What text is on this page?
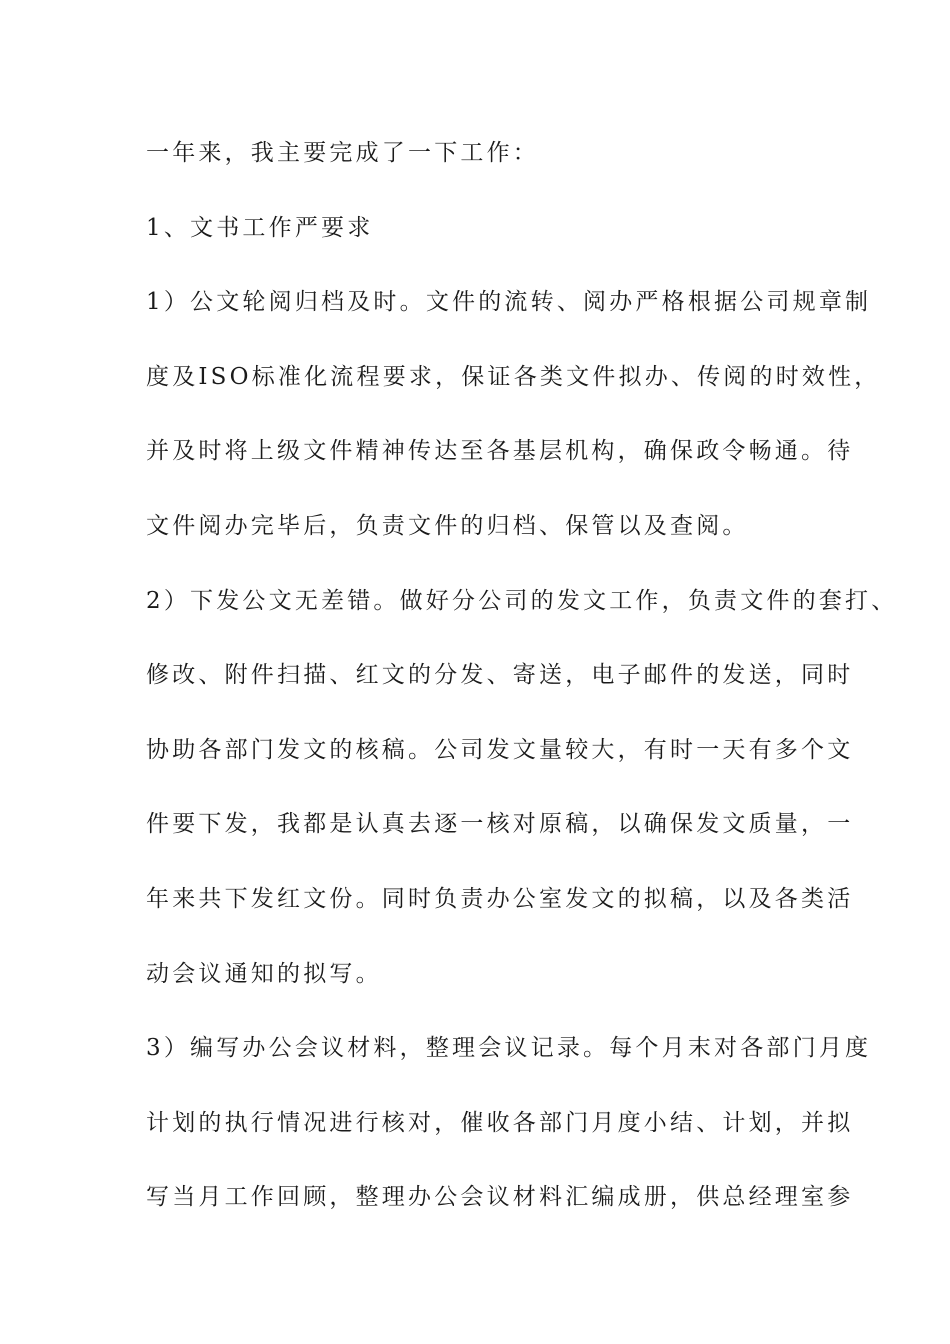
一年来，我主要完成了一下工作：
1、文书工作严要求
1）公文轮阅归档及时。文件的流转、阅办严格根据公司规章制
度及ISO标准化流程要求，保证各类文件拟办、传阅的时效性，
并及时将上级文件精神传达至各基层机构，确保政令畅通。待
文件阅办完毕后，负责文件的归档、保管以及查阅。
2）下发公文无差错。做好分公司的发文工作，负责文件的套打、
修改、附件扫描、红文的分发、寄送，电子邮件的发送，同时
协助各部门发文的核稿。公司发文量较大，有时一天有多个文
件要下发，我都是认真去逐一核对原稿，以确保发文质量，一
年来共下发红文份。同时负责办公室发文的拟稿，以及各类活
动会议通知的拟写。
3）编写办公会议材料，整理会议记录。每个月末对各部门月度
计划的执行情况进行核对，催收各部门月度小结、计划，并拟
写当月工作回顾，整理办公会议材料汇编成册，供总经理室参
